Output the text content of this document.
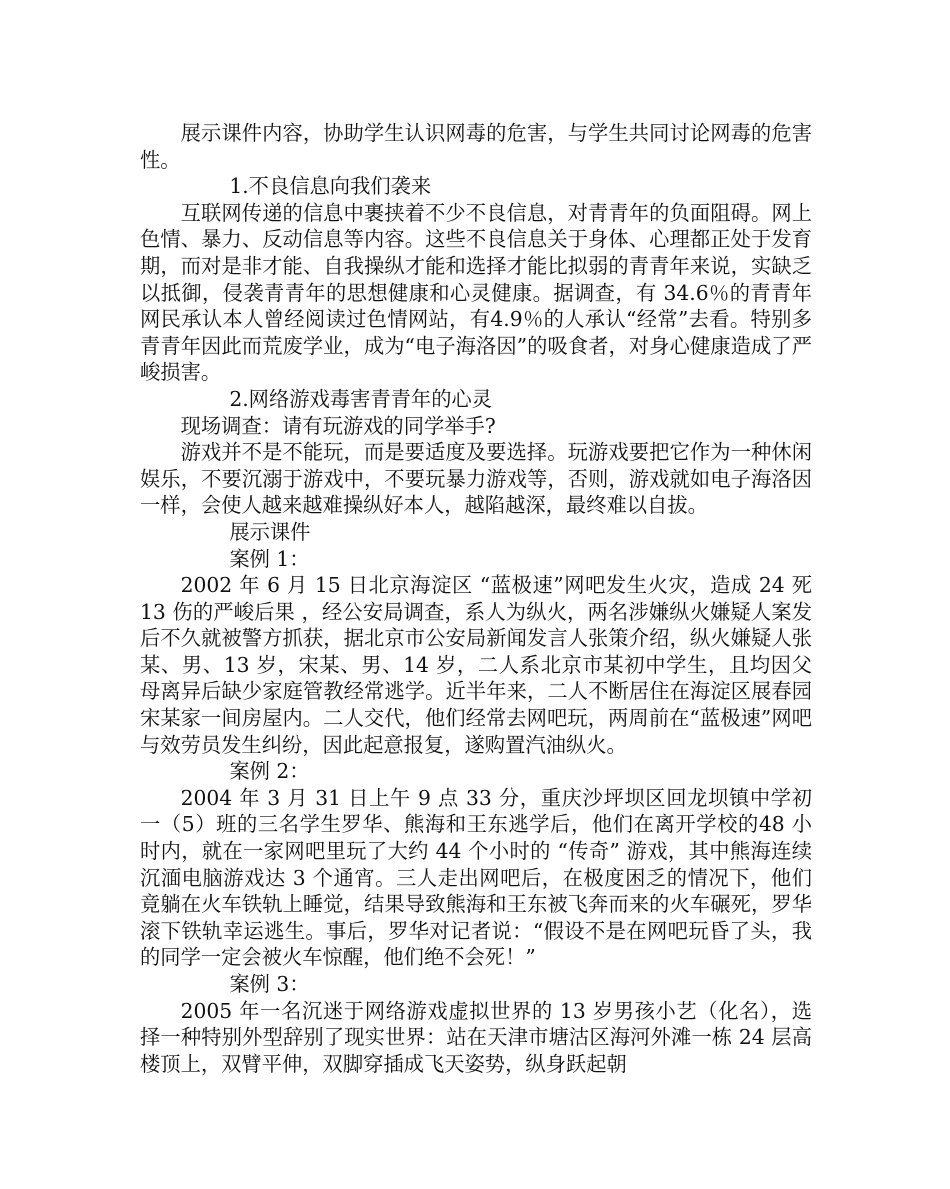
展示课件内容，协助学生认识网毒的危害，与学生共同讨论网毒的危害性。

1.不良信息向我们袭来

互联网传递的信息中裹挟着不少不良信息，对青青年的负面阻碍。网上色情、暴力、反动信息等内容。这些不良信息关于身体、心理都正处于发育期，而对是非才能、自我操纵才能和选择才能比拟弱的青青年来说，实缺乏以抵御，侵袭青青年的思想健康和心灵健康。据调查，有 34.6％的青青年网民承认本人曾经阅读过色情网站，有4.9％的人承认“经常”去看。特别多青青年因此而荒废学业，成为“电子海洛因”的吸食者，对身心健康造成了严峻损害。

2.网络游戏毒害青青年的心灵

现场调查：请有玩游戏的同学举手?

游戏并不是不能玩，而是要适度及要选择。玩游戏要把它作为一种休闲娱乐，不要沉溺于游戏中，不要玩暴力游戏等，否则，游戏就如电子海洛因一样，会使人越来越难操纵好本人，越陷越深，最终难以自拔。

展示课件

案例 1：

2002 年 6 月 15 日北京海淀区 “蓝极速”网吧发生火灾，造成 24 死 13 伤的严峻后果 ，经公安局调查，系人为纵火，两名涉嫌纵火嫌疑人案发后不久就被警方抓获，据北京市公安局新闻发言人张策介绍，纵火嫌疑人张某、男、13 岁，宋某、男、14 岁，二人系北京市某初中学生，且均因父母离异后缺少家庭管教经常逃学。近半年来，二人不断居住在海淀区展春园宋某家一间房屋内。二人交代，他们经常去网吧玩，两周前在“蓝极速”网吧与效劳员发生纠纷，因此起意报复，遂购置汽油纵火。

案例 2：

2004 年 3 月 31 日上午 9 点 33 分，重庆沙坪坝区回龙坝镇中学初一（5）班的三名学生罗华、熊海和王东逃学后，他们在离开学校的48 小时内，就在一家网吧里玩了大约 44 个小时的 “传奇” 游戏，其中熊海连续沉湎电脑游戏达 3 个通宵。三人走出网吧后，在极度困乏的情况下，他们竟躺在火车铁轨上睡觉，结果导致熊海和王东被飞奔而来的火车碾死，罗华滚下铁轨幸运逃生。事后，罗华对记者说：“假设不是在网吧玩昏了头，我的同学一定会被火车惊醒，他们绝不会死！”

案例 3：

2005 年一名沉迷于网络游戏虚拟世界的 13 岁男孩小艺（化名），选择一种特别外型辞别了现实世界：站在天津市塘沽区海河外滩一栋 24 层高楼顶上，双臂平伸，双脚穿插成飞天姿势，纵身跃起朝
